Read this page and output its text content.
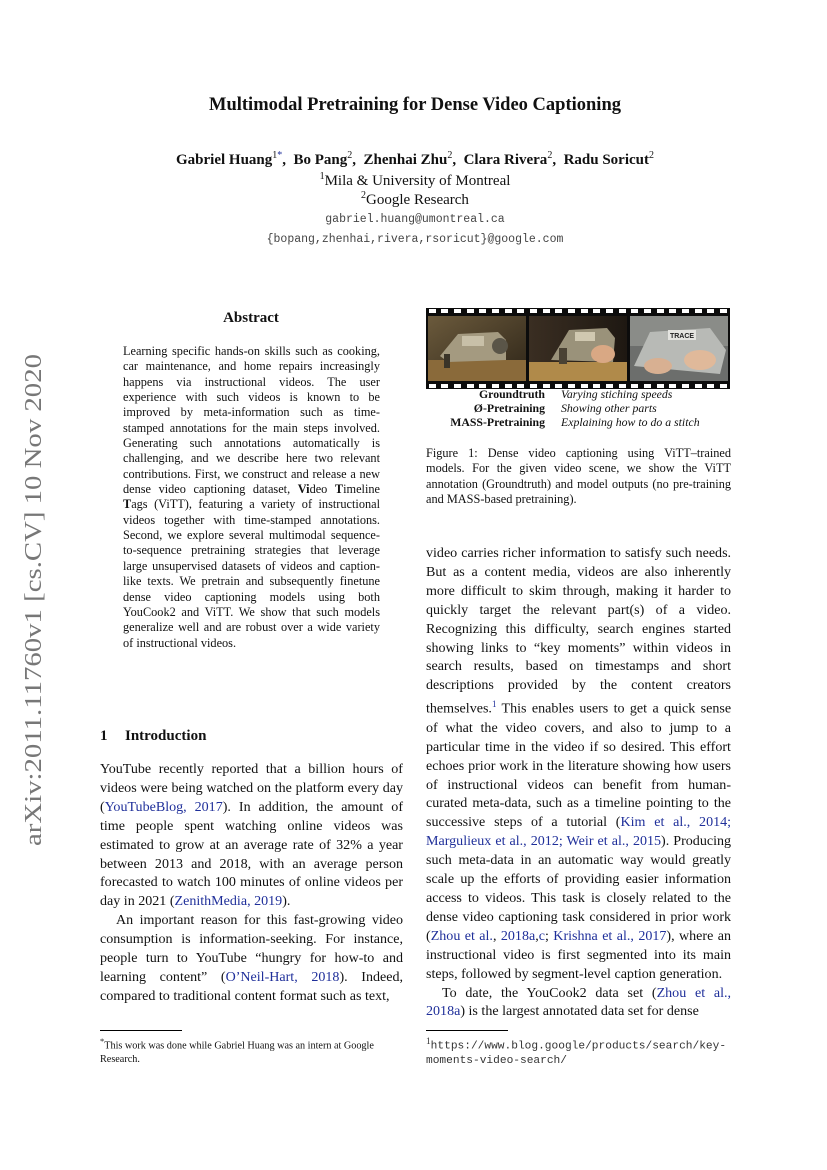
arXiv:2011.11760v1 [cs.CV] 10 Nov 2020
Multimodal Pretraining for Dense Video Captioning
Gabriel Huang$^{1*}$,  Bo Pang$^2$,  Zhenhai Zhu$^2$,  Clara Rivera$^2$,  Radu Soricut$^2$
$^1$Mila & University of Montreal
$^2$Google Research
gabriel.huang@umontreal.ca
{bopang,zhenhai,rivera,rsoricut}@google.com
Abstract
Learning specific hands-on skills such as cooking, car maintenance, and home repairs increasingly happens via instructional videos. The user experience with such videos is known to be improved by meta-information such as time-stamped annotations for the main steps involved. Generating such annotations automatically is challenging, and we describe here two relevant contributions. First, we construct and release a new dense video captioning dataset, Video Timeline Tags (ViTT), featuring a variety of instructional videos together with time-stamped annotations. Second, we explore several multimodal sequence-to-sequence pretraining strategies that leverage large unsupervised datasets of videos and caption-like texts. We pretrain and subsequently finetune dense video captioning models using both YouCook2 and ViTT. We show that such models generalize well and are robust over a wide variety of instructional videos.
1 Introduction

YouTube recently reported that a billion hours of videos were being watched on the platform every day (YouTubeBlog, 2017). In addition, the amount of time people spent watching online videos was estimated to grow at an average rate of 32% a year between 2013 and 2018, with an average person forecasted to watch 100 minutes of online videos per day in 2021 (ZenithMedia, 2019).

An important reason for this fast-growing video consumption is information-seeking. For instance, people turn to YouTube “hungry for how-to and learning content” (O’Neil-Hart, 2018). Indeed, compared to traditional content format such as text,

video carries richer information to satisfy such needs. But as a content media, videos are also inherently more difficult to skim through, making it harder to quickly target the relevant part(s) of a video. Recognizing this difficulty, search engines started showing links to “key moments” within videos in search results, based on timestamps and short descriptions provided by the content creators themselves.$^1$ This enables users to get a quick sense of what the video covers, and also to jump to a particular time in the video if so desired. This effort echoes prior work in the literature showing how users of instructional videos can benefit from human-curated meta-data, such as a timeline pointing to the successive steps of a tutorial (Kim et al., 2014; Margulieux et al., 2012; Weir et al., 2015). Producing such meta-data in an automatic way would greatly scale up the efforts of providing easier information access to videos. This task is closely related to the dense video captioning task considered in prior work (Zhou et al., 2018a,c; Krishna et al., 2017), where an instructional video is first segmented into its main steps, followed by segment-level caption generation.

To date, the YouCook2 data set (Zhou et al., 2018a) is the largest annotated data set for dense

TRACE
Groundtruth	Varying stiching speeds
Ø-Pretraining	Showing other parts
MASS-Pretraining	Explaining how to do a stitch
Figure 1: Dense video captioning using ViTT–trained models. For the given video scene, we show the ViTT annotation (Groundtruth) and model outputs (no pre-training and MASS-based pretraining).
*This work was done while Gabriel Huang was an intern at Google Research.
$^1$https://www.blog.google/products/search/key-moments-video-search/
